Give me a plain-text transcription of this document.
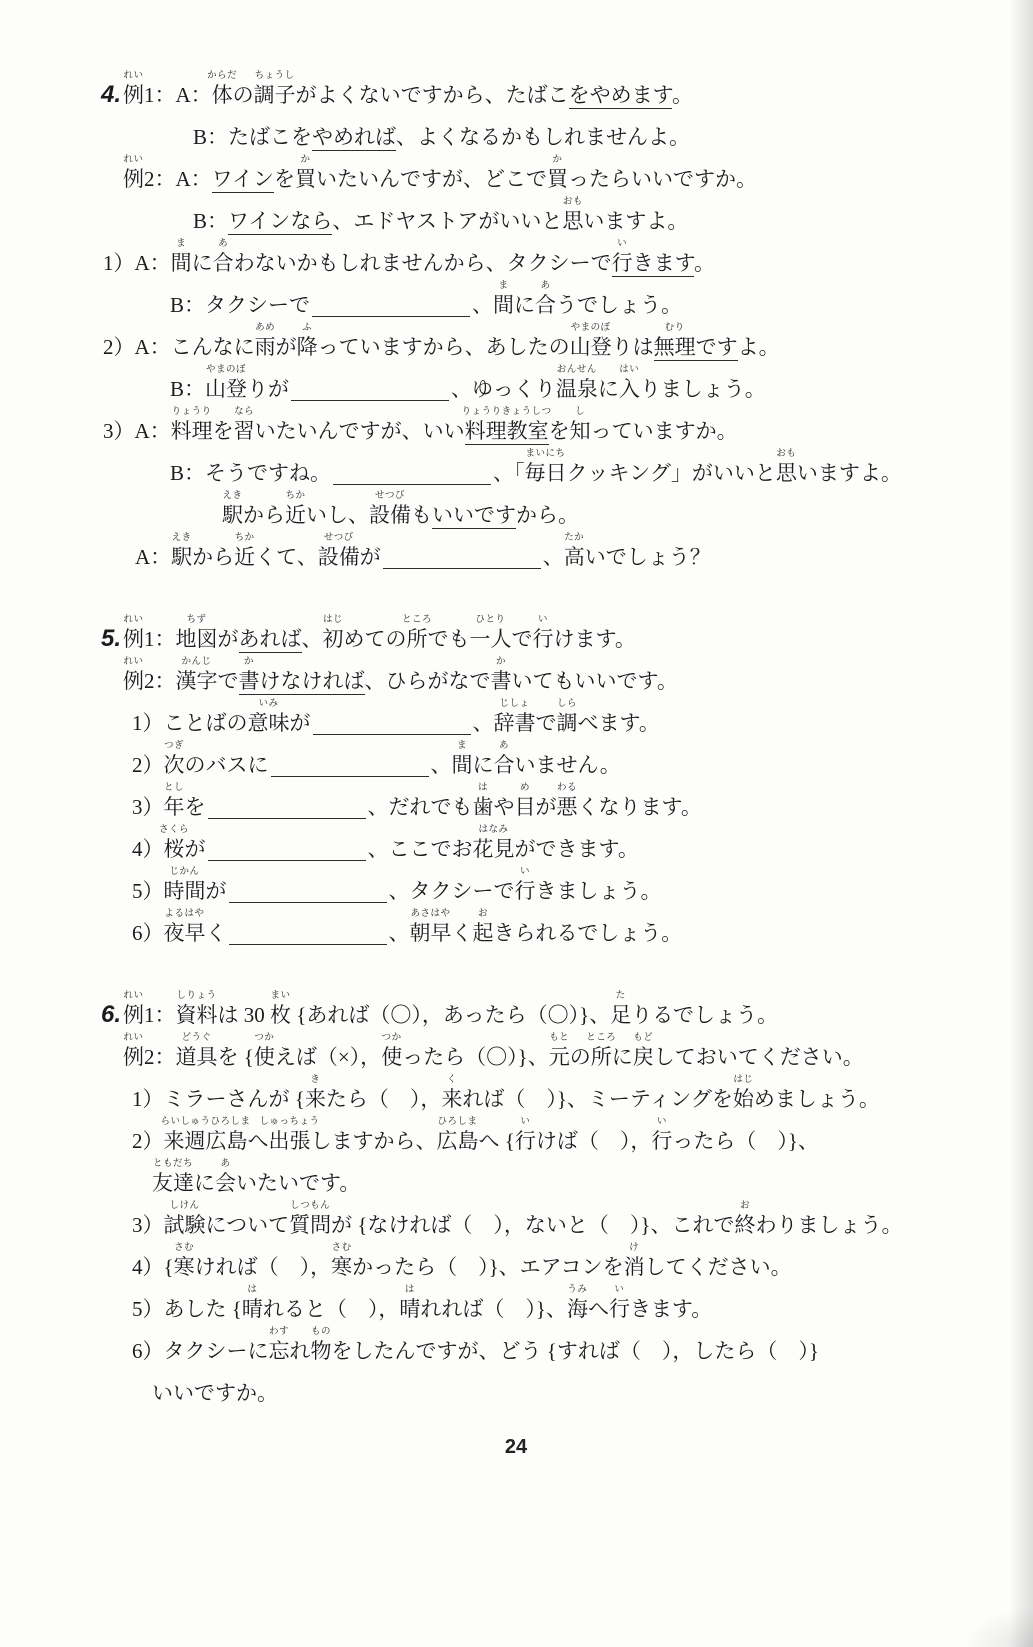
4. 例
れい
1：A：体
からだ
の調子
ちょうし
がよくないですから、たばこをやめます。
B：たばこをやめれば、よくなるかもしれませんよ。
例
れい
2：A：ワインを買
か
いたいんですが、どこで買
か
ったらいいですか。
B：ワインなら、エドヤストアがいいと思
おも
いますよ。
1）A：間
ま
に合
あ
わないかもしれませんから、タクシーで行
い
きます。
B：タクシーで	、間
ま
に合
あ
うでしょう。
2）A：こんなに雨
あめ
が降
ふ
っていますから、あしたの山登
やまのぼ
りは無理
むり
ですよ。
B：山登
やまのぼ
りが	、ゆっくり温泉
おんせん
に入
はい
りましょう。
3）A：料理
りょうり
を習
なら
いたいんですが、いい料理教室
りょうりきょうしつ
を知
し
っていますか。
B：そうですね。	、「毎日
まいにち
クッキング」がいいと思
おも
いますよ。
駅
えき
から近
ちか
いし、設備
せつび
もいいですから。
A：駅
えき
から近
ちか
くて、設備
せつび
が	、高
たか
いでしょう？
5. 例
れい
1：地図
ちず
があれば、初
はじ
めての所
ところ
でも一人
ひとり
で行
い
けます。
例
れい
2：漢字
かんじ
で書
か
けなければ、ひらがなで書
か
いてもいいです。
1）ことばの意味
いみ
が	、辞書
じしょ
で調
しら
べます。
2）次
つぎ
のバスに	、間
ま
に合
あ
いません。
3）年
とし
を	、だれでも歯
は
や目
め
が悪
わる
くなります。
4）桜
さくら
が	、ここでお花見
はなみ
ができます。
5）時間
じかん
が	、タクシーで行
い
きましょう。
6）夜早
よるはや
く	、朝早
あさはや
く起
お
きられるでしょう。
6. 例
れい
1：資料
しりょう
は 30 枚
まい
{あれば（〇），あったら（〇）}、足
た
りるでしょう。
例
れい
2：道具
どうぐ
を {使
つか
えば（×），使
つか
ったら（〇）}、元
もと
の所
ところ
に戻
もど
しておいてください。
1）ミラーさんが {来
き
たら（　），来
く
れば（　）}、ミーティングを始
はじ
めましょう。
2）来週広島
らいしゅうひろしま
へ出張
しゅっちょう
しますから、広島
ひろしま
へ {行
い
けば（　），行
い
ったら（　）}、
友達
ともだち
に会
あ
いたいです。
3）試験
しけん
について質問
しつもん
が {なければ（　），ないと（　）}、これで終
お
わりましょう。
4）{寒
さむ
ければ（　），寒
さむ
かったら（　）}、エアコンを消
け
してください。
5）あした {晴
は
れると（　），晴
は
れれば（　）}、海
うみ
へ行
い
きます。
6）タクシーに忘
わす
れ物
もの
をしたんですが、どう {すれば（　），したら（　）}
いいですか。
24
